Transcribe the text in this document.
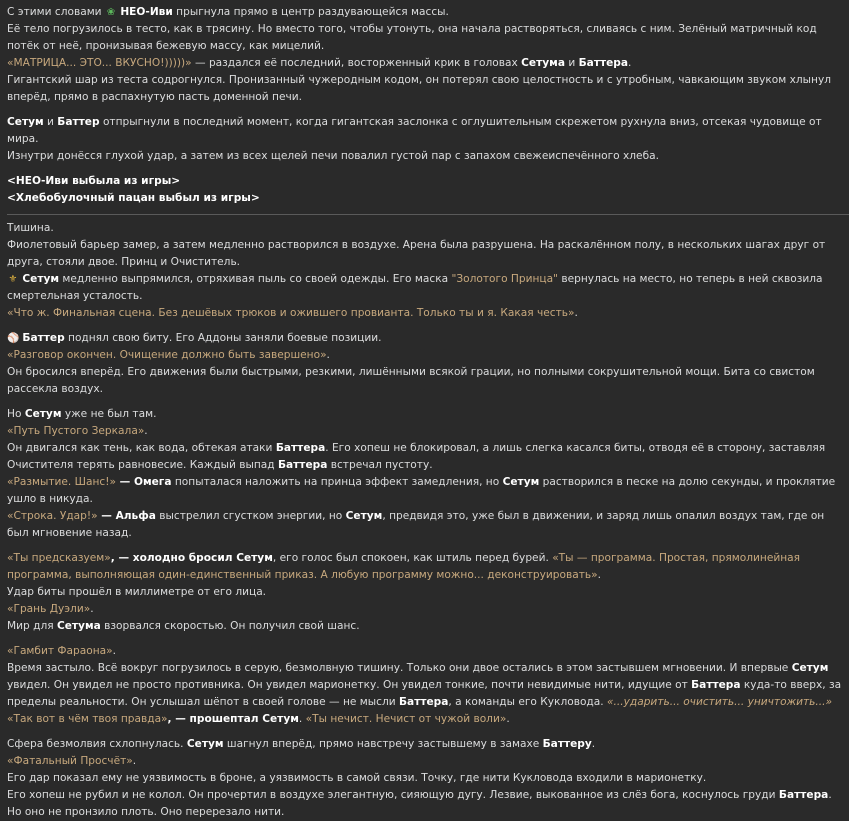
С этими словами ❀ НЕО-Иви прыгнула прямо в центр раздувающейся массы.

Её тело погрузилось в тесто, как в трясину. Но вместо того, чтобы утонуть, она начала растворяться, сливаясь с ним. Зелёный матричный код потёк от неё, пронизывая бежевую массу, как мицелий.

«МАТРИЦА... ЭТО... ВКУСНО!)))))» — раздался её последний, восторженный крик в головах Сетума и Баттера.

Гигантский шар из теста содрогнулся. Пронизанный чужеродным кодом, он потерял свою целостность и с утробным, чавкающим звуком хлынул вперёд, прямо в распахнутую пасть доменной печи.

Сетум и Баттер отпрыгнули в последний момент, когда гигантская заслонка с оглушительным скрежетом рухнула вниз, отсекая чудовище от мира.

Изнутри донёсся глухой удар, а затем из всех щелей печи повалил густой пар с запахом свежеиспечённого хлеба.

<НЕО-Иви выбыла из игры>

<Хлебобулочный пацан выбыл из игры>

Тишина.

Фиолетовый барьер замер, а затем медленно растворился в воздухе. Арена была разрушена. На раскалённом полу, в нескольких шагах друг от друга, стояли двое. Принц и Очиститель.

⚜ Сетум медленно выпрямился, отряхивая пыль со своей одежды. Его маска "Золотого Принца" вернулась на место, но теперь в ней сквозила смертельная усталость.

«Что ж. Финальная сцена. Без дешёвых трюков и ожившего провианта. Только ты и я. Какая честь».

⚾ Баттер поднял свою биту. Его Аддоны заняли боевые позиции.

«Разговор окончен. Очищение должно быть завершено».

Он бросился вперёд. Его движения были быстрыми, резкими, лишёнными всякой грации, но полными сокрушительной мощи. Бита со свистом рассекла воздух.

Но Сетум уже не был там.

«Путь Пустого Зеркала».

Он двигался как тень, как вода, обтекая атаки Баттера. Его хопеш не блокировал, а лишь слегка касался биты, отводя её в сторону, заставляя Очистителя терять равновесие. Каждый выпад Баттера встречал пустоту.

«Размытие. Шанс!» — Омега попыталася наложить на принца эффект замедления, но Сетум растворился в песке на долю секунды, и проклятие ушло в никуда.

«Строка. Удар!» — Альфа выстрелил сгустком энергии, но Сетум, предвидя это, уже был в движении, и заряд лишь опалил воздух там, где он был мгновение назад.

«Ты предсказуем», — холодно бросил Сетум, его голос был спокоен, как штиль перед бурей. «Ты — программа. Простая, прямолинейная программа, выполняющая один-единственный приказ. А любую программу можно... деконструировать».

Удар биты прошёл в миллиметре от его лица.

«Грань Дуэли».

Мир для Сетума взорвался скоростью. Он получил свой шанс.

«Гамбит Фараона».

Время застыло. Всё вокруг погрузилось в серую, безмолвную тишину. Только они двое остались в этом застывшем мгновении. И впервые Сетум увидел. Он увидел не просто противника. Он увидел марионетку. Он увидел тонкие, почти невидимые нити, идущие от Баттера куда-то вверх, за пределы реальности. Он услышал шёпот в своей голове — не мысли Баттера, а команды его Кукловода. «...ударить... очистить... уничтожить...»

«Так вот в чём твоя правда», — прошептал Сетум. «Ты нечист. Нечист от чужой воли».

Сфера безмолвия схлопнулась. Сетум шагнул вперёд, прямо навстречу застывшему в замахе Баттеру.

«Фатальный Просчёт».

Его дар показал ему не уязвимость в броне, а уязвимость в самой связи. Точку, где нити Кукловода входили в марионетку.

Его хопеш не рубил и не колол. Он прочертил в воздухе элегантную, сияющую дугу. Лезвие, выкованное из слёз бога, коснулось груди Баттера.

Но оно не пронзило плоть. Оно перерезало нити.
